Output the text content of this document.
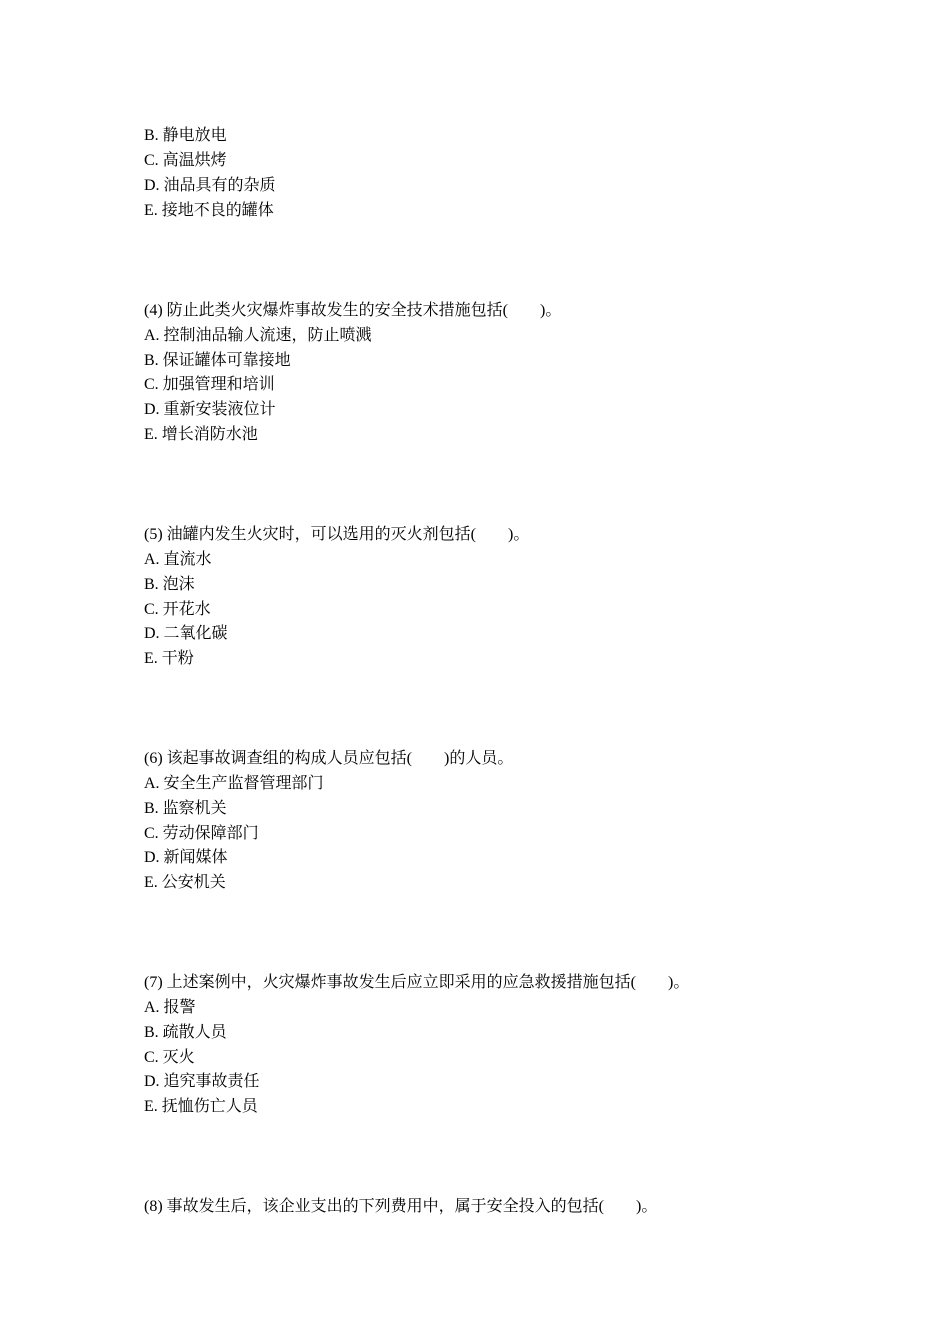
B. 静电放电
C. 高温烘烤
D. 油品具有的杂质
E. 接地不良的罐体
(4) 防止此类火灾爆炸事故发生的安全技术措施包括(　　)。
A. 控制油品输人流速，防止喷溅
B. 保证罐体可靠接地
C. 加强管理和培训
D. 重新安装液位计
E. 增长消防水池
(5) 油罐内发生火灾时，可以选用的灭火剂包括(　　)。
A. 直流水
B. 泡沫
C. 开花水
D. 二氧化碳
E. 干粉
(6) 该起事故调查组的构成人员应包括(　　)的人员。
A. 安全生产监督管理部门
B. 监察机关
C. 劳动保障部门
D. 新闻媒体
E. 公安机关
(7) 上述案例中，火灾爆炸事故发生后应立即采用的应急救援措施包括(　　)。
A. 报警
B. 疏散人员
C. 灭火
D. 追究事故责任
E. 抚恤伤亡人员
(8) 事故发生后，该企业支出的下列费用中，属于安全投入的包括(　　)。
